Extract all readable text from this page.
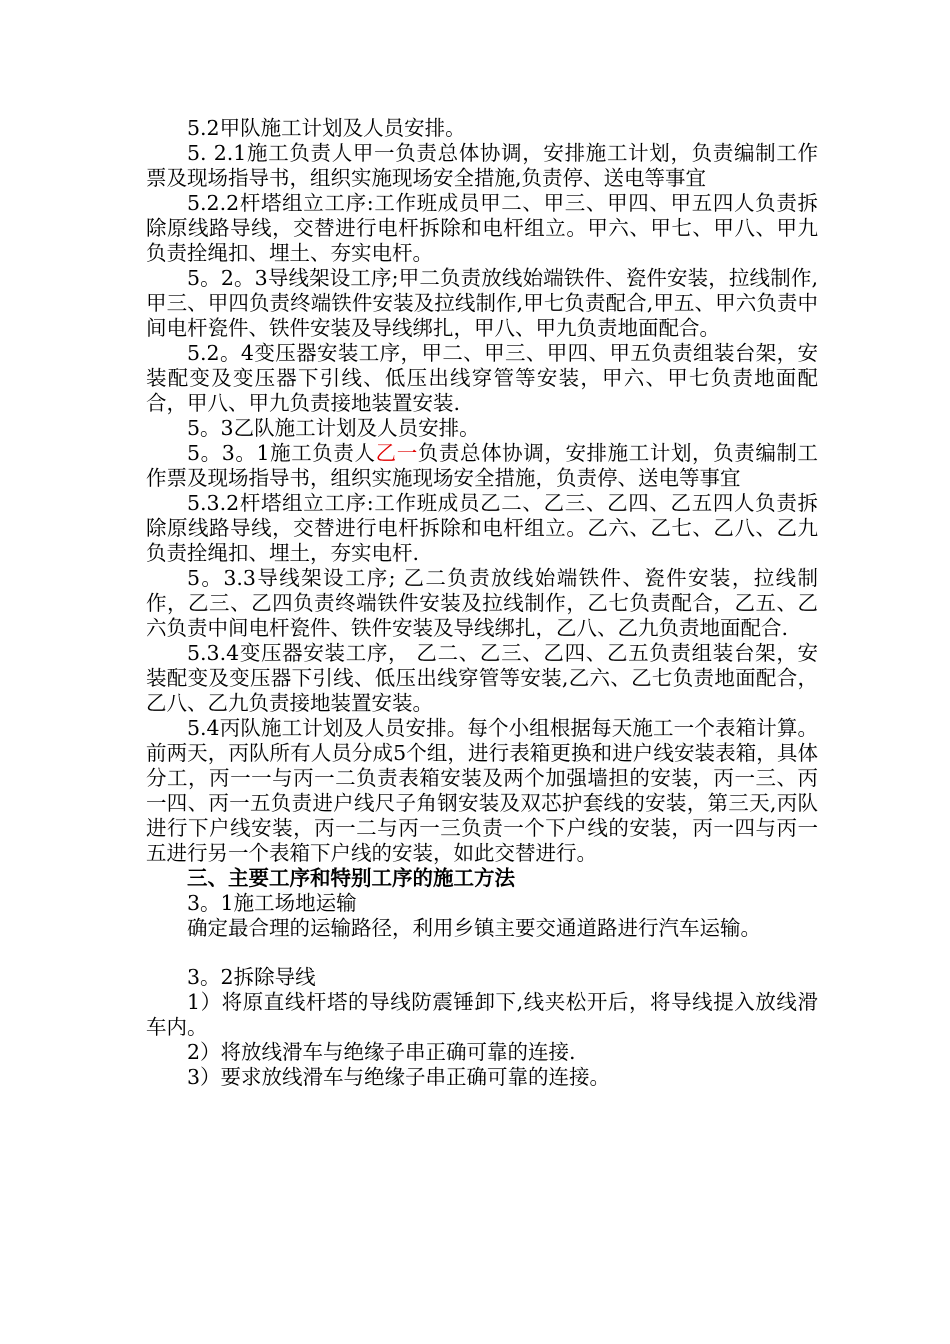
5.2甲队施工计划及人员安排。

5. 2.1施工负责人甲一负责总体协调，安排施工计划，负责编制工作票及现场指导书，组织实施现场安全措施,负责停、送电等事宜

5.2.2杆塔组立工序:工作班成员甲二、甲三、甲四、甲五四人负责拆除原线路导线，交替进行电杆拆除和电杆组立。甲六、甲七、甲八、甲九负责拴绳扣、埋土、夯实电杆。

5。2。3导线架设工序;甲二负责放线始端铁件、瓷件安装，拉线制作,甲三、甲四负责终端铁件安装及拉线制作,甲七负责配合,甲五、甲六负责中间电杆瓷件、铁件安装及导线绑扎，甲八、甲九负责地面配合。

5.2。4变压器安装工序，甲二、甲三、甲四、甲五负责组装台架，安装配变及变压器下引线、低压出线穿管等安装，甲六、甲七负责地面配合，甲八、甲九负责接地装置安装.

5。3乙队施工计划及人员安排。

5。3。1施工负责人乙一负责总体协调，安排施工计划，负责编制工作票及现场指导书，组织实施现场安全措施，负责停、送电等事宜

5.3.2杆塔组立工序:工作班成员乙二、乙三、乙四、乙五四人负责拆除原线路导线，交替进行电杆拆除和电杆组立。乙六、乙七、乙八、乙九负责拴绳扣、埋土，夯实电杆.

5。3.3导线架设工序; 乙二负责放线始端铁件、瓷件安装，拉线制作，乙三、乙四负责终端铁件安装及拉线制作，乙七负责配合，乙五、乙六负责中间电杆瓷件、铁件安装及导线绑扎，乙八、乙九负责地面配合.

5.3.4变压器安装工序， 乙二、乙三、乙四、乙五负责组装台架，安装配变及变压器下引线、低压出线穿管等安装,乙六、乙七负责地面配合，乙八、乙九负责接地装置安装。

5.4丙队施工计划及人员安排。每个小组根据每天施工一个表箱计算。前两天，丙队所有人员分成5个组，进行表箱更换和进户线安装表箱，具体分工，丙一一与丙一二负责表箱安装及两个加强墙担的安装，丙一三、丙一四、丙一五负责进户线尺子角钢安装及双芯护套线的安装，第三天,丙队进行下户线安装，丙一二与丙一三负责一个下户线的安装，丙一四与丙一五进行另一个表箱下户线的安装，如此交替进行。

三、主要工序和特别工序的施工方法

3。1施工场地运输

确定最合理的运输路径，利用乡镇主要交通道路进行汽车运输。

3。2拆除导线

1）将原直线杆塔的导线防震锤卸下,线夹松开后，将导线提入放线滑车内。

2）将放线滑车与绝缘子串正确可靠的连接.

3）要求放线滑车与绝缘子串正确可靠的连接。
